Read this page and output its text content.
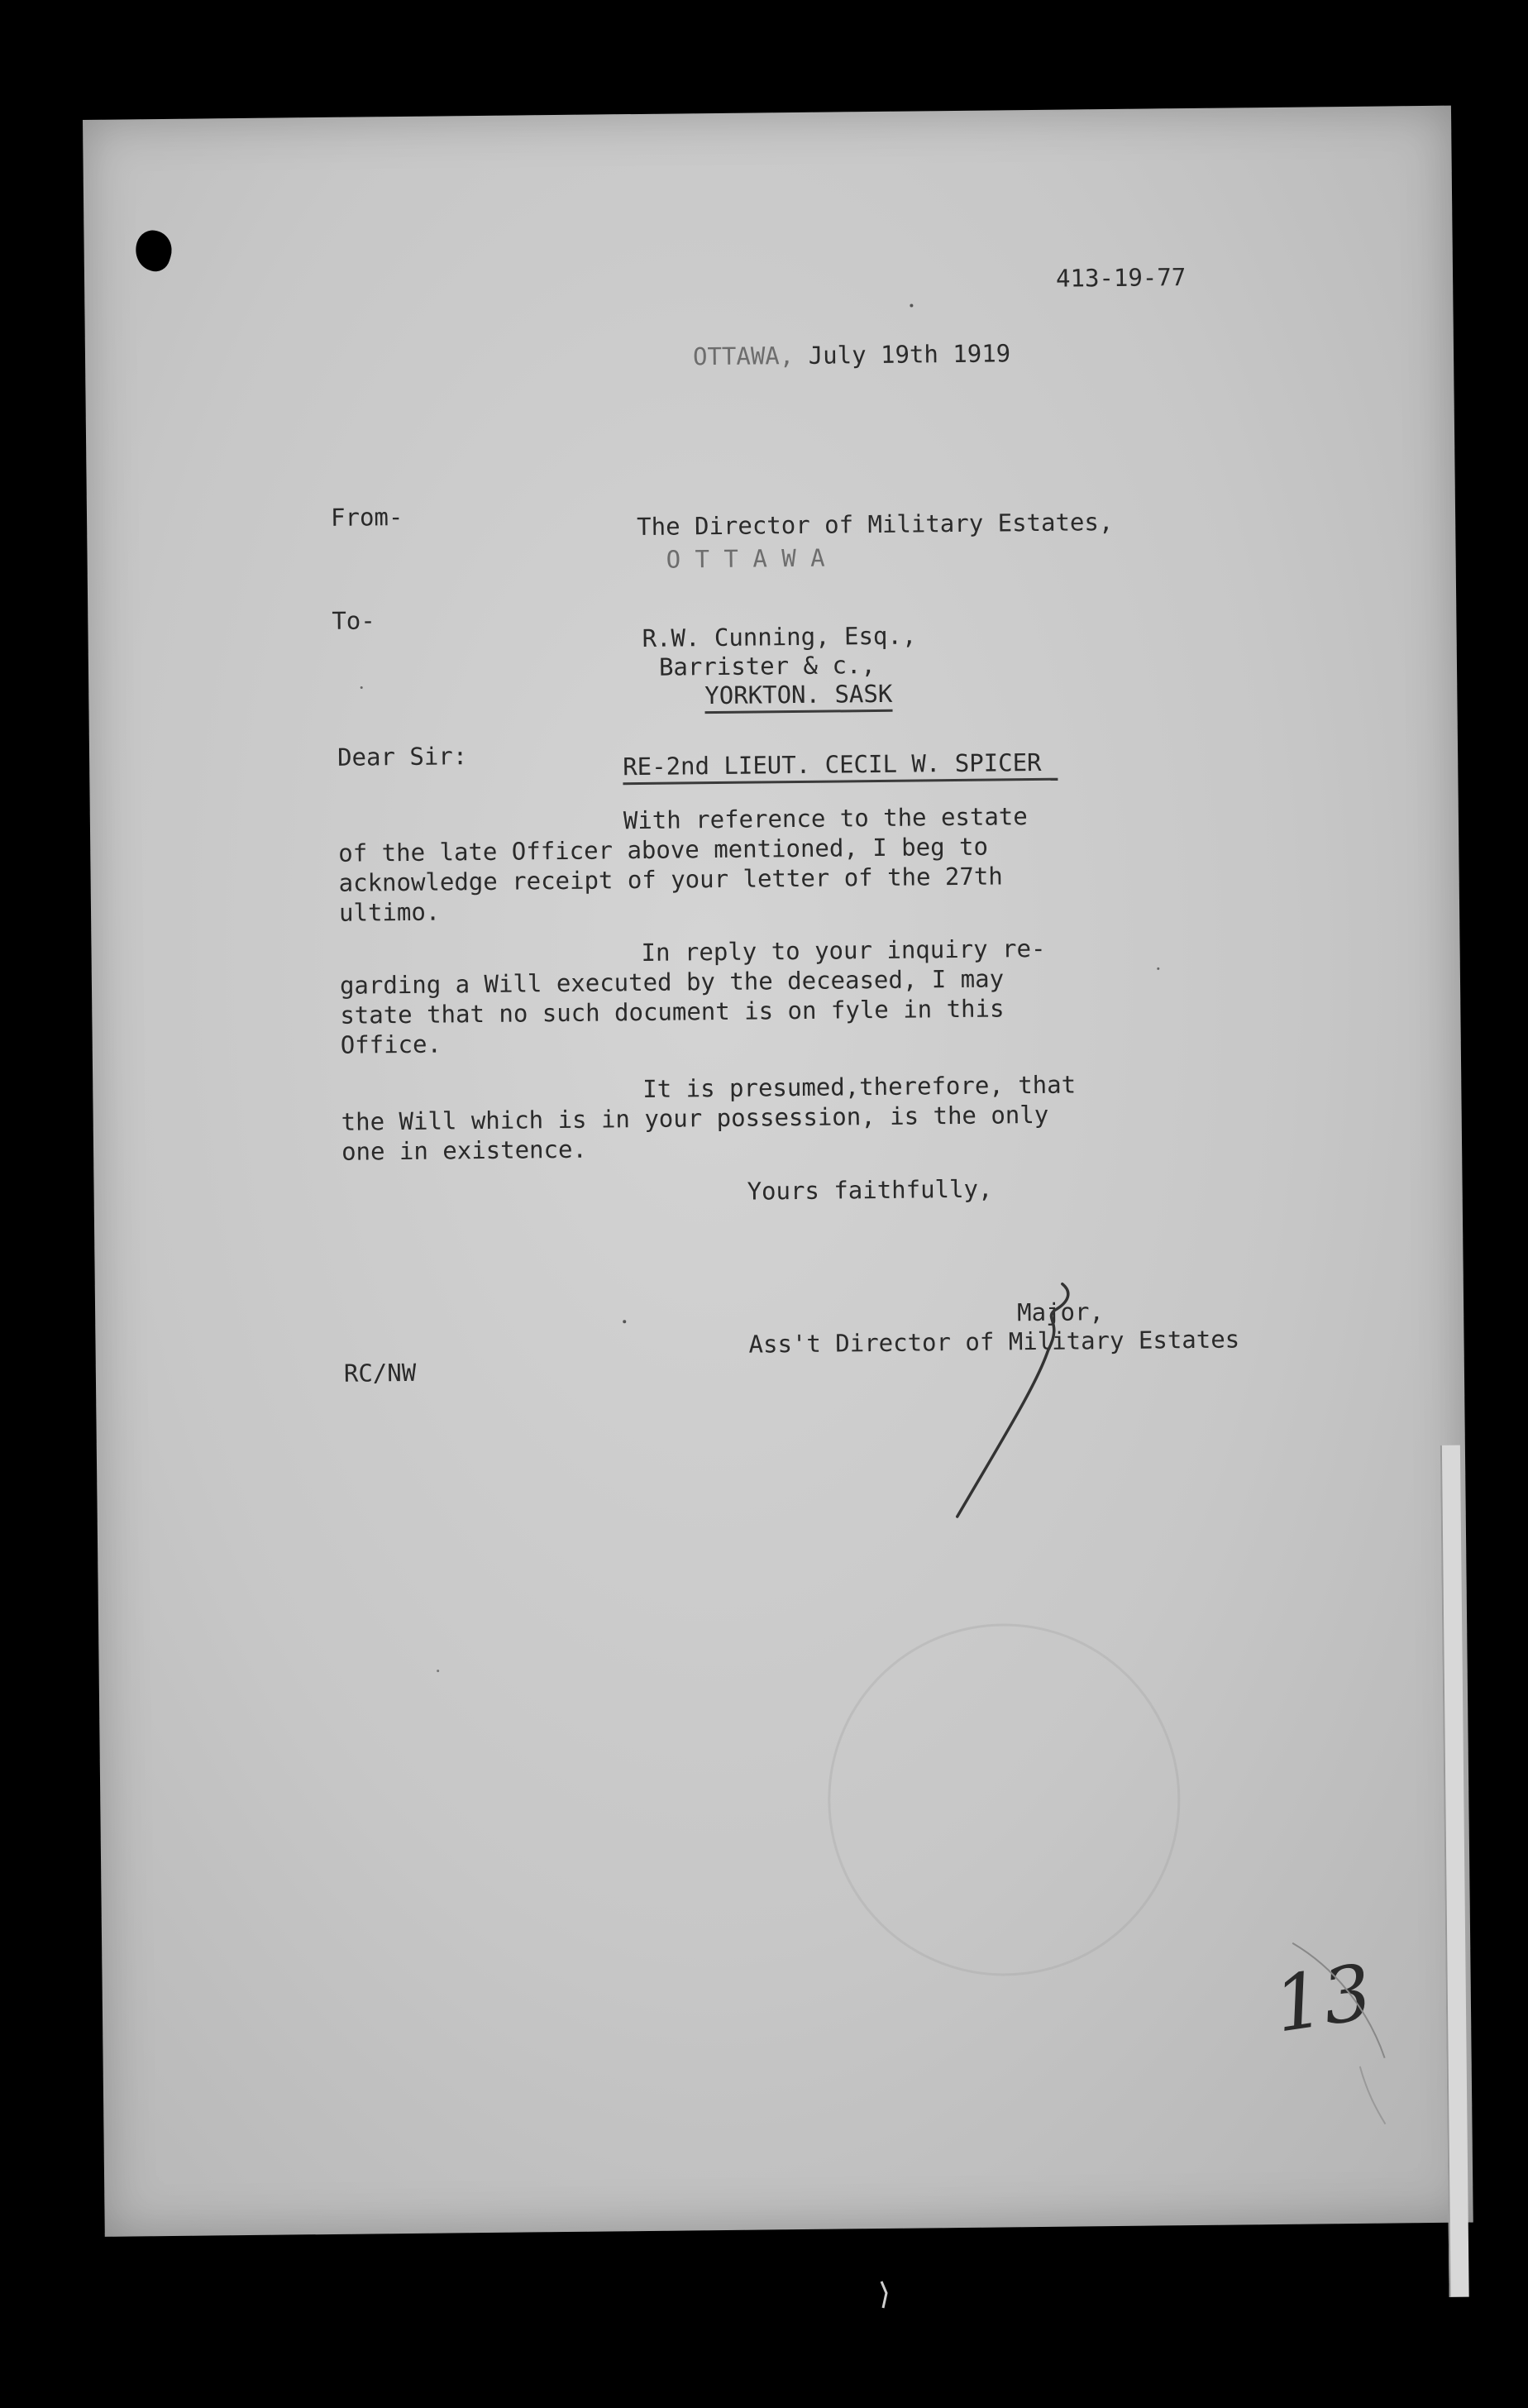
413-19-77
OTTAWA, July 19th 1919
From-	The Director of Military Estates,
O T T A W A
To-
R.W. Cunning, Esq.,
Barrister & c.,
YORKTON. SASK
Dear Sir:	RE-2nd LIEUT. CECIL W. SPICER
With reference to the estate
of the late Officer above mentioned, I beg to
acknowledge receipt of your letter of the 27th
ultimo.
In reply to your inquiry re-
garding a Will executed by the deceased, I may
state that no such document is on fyle in this
Office.
It is presumed,therefore, that
the Will which is in your possession, is the only
one in existence.
Yours faithfully,
Major,
Ass't Director of Military Estates
RC/NW
13
